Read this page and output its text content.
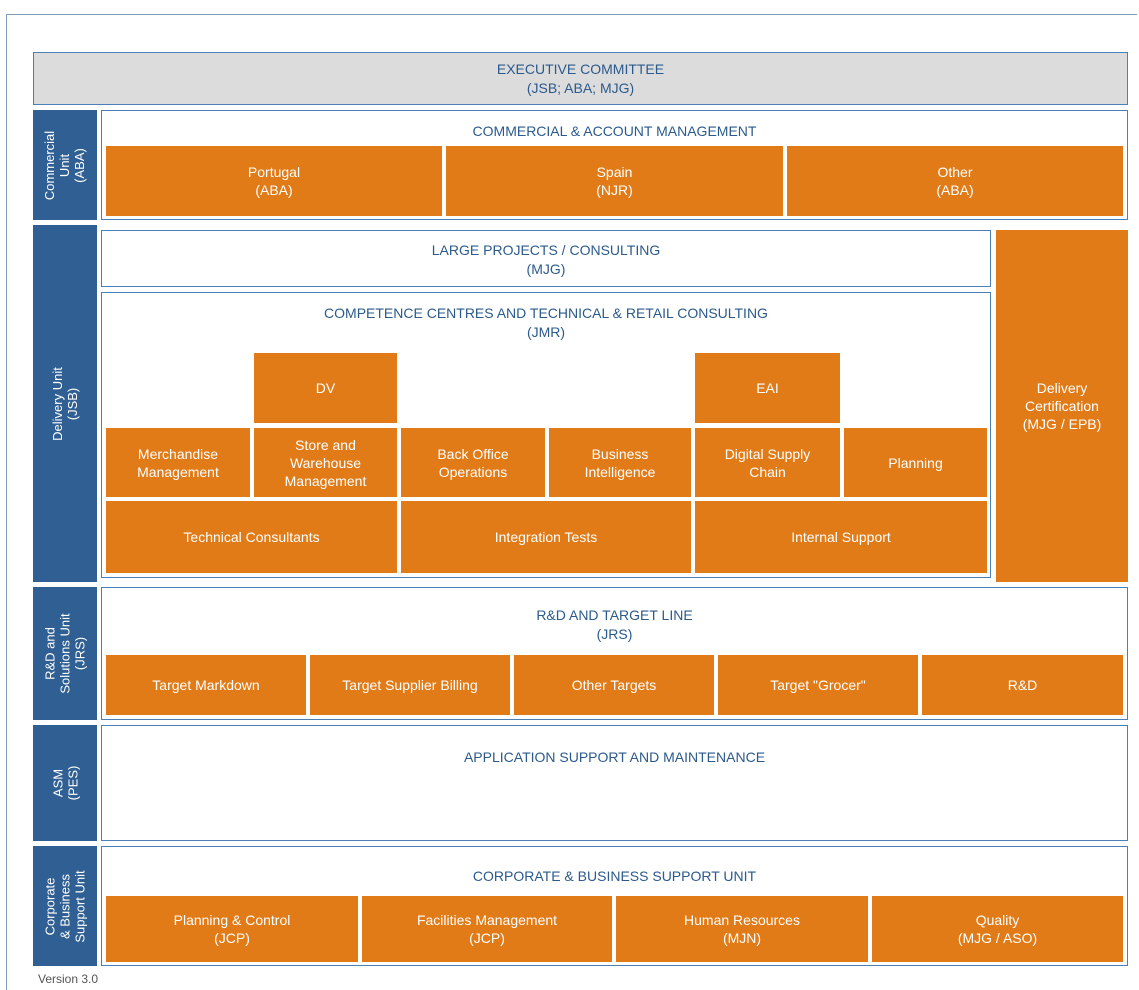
EXECUTIVE COMMITTEE
(JSB; ABA; MJG)
Commercial Unit (ABA)
COMMERCIAL & ACCOUNT MANAGEMENT
Portugal
(ABA)
Spain
(NJR)
Other
(ABA)
Delivery Unit (JSB)
LARGE PROJECTS / CONSULTING
(MJG)
COMPETENCE CENTRES AND TECHNICAL & RETAIL CONSULTING
(JMR)
DV	EAI
Merchandise
Management
Store and
Warehouse
Management
Back Office
Operations
Business
Intelligence
Digital Supply
Chain
Planning
Technical Consultants	Integration Tests	Internal Support
Delivery
Certification
(MJG / EPB)
R&D and Solutions Unit (JRS)
R&D AND TARGET LINE
(JRS)
Target Markdown	Target Supplier Billing	Other Targets	Target "Grocer"	R&D
ASM (PES)
APPLICATION SUPPORT AND MAINTENANCE
Corporate & Business Support Unit	CORPORATE & BUSINESS SUPPORT UNIT
Planning & Control
(JCP)
Facilities Management
(JCP)
Human Resources
(MJN)
Quality
(MJG / ASO)
Version 3.0
